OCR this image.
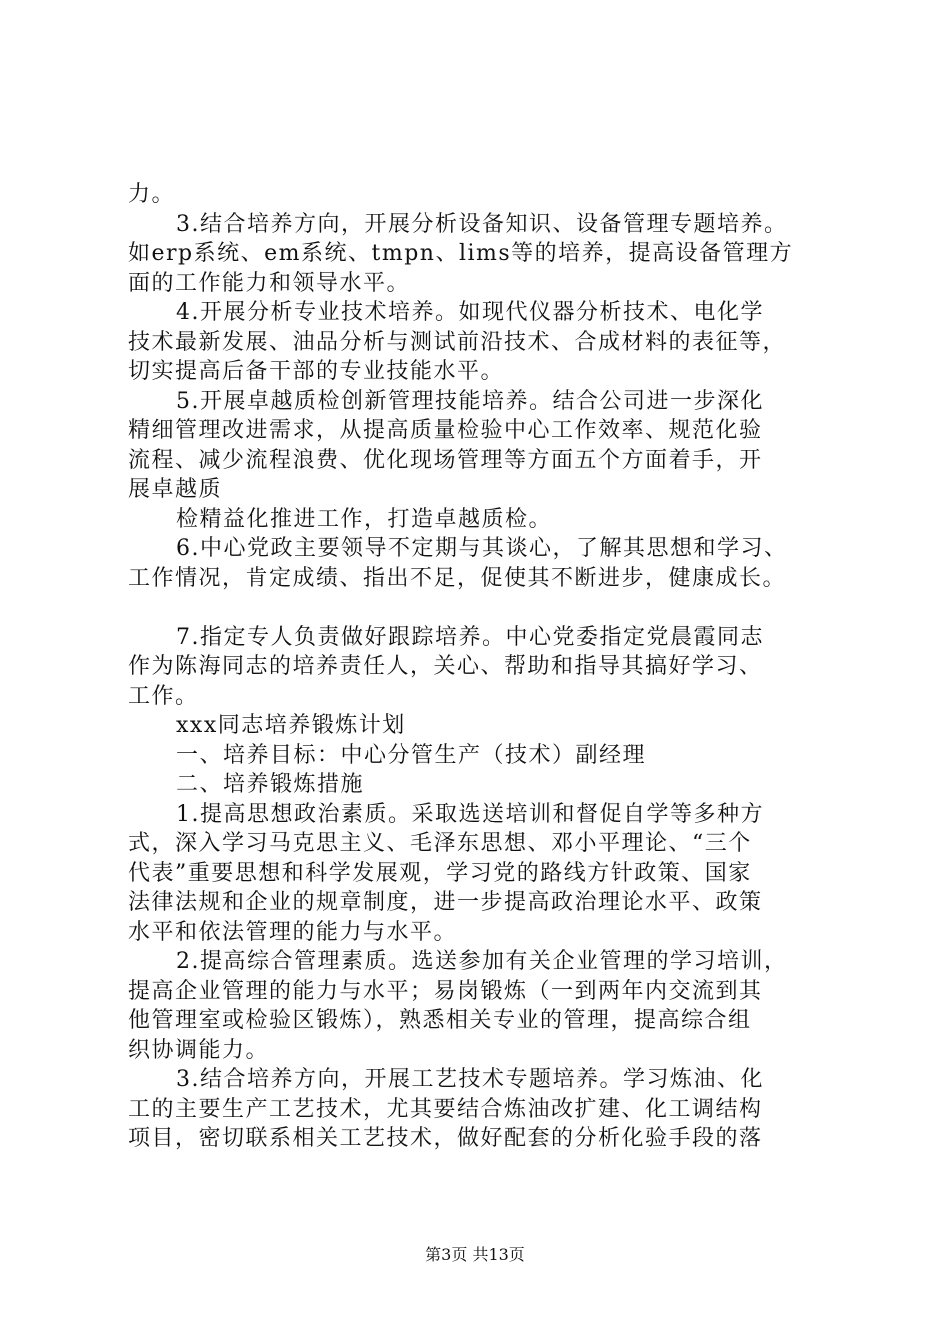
力。

3.结合培养方向，开展分析设备知识、设备管理专题培养。

如erp系统、em系统、tmpn、lims等的培养，提高设备管理方

面的工作能力和领导水平。

4.开展分析专业技术培养。如现代仪器分析技术、电化学

技术最新发展、油品分析与测试前沿技术、合成材料的表征等，

切实提高后备干部的专业技能水平。

5.开展卓越质检创新管理技能培养。结合公司进一步深化

精细管理改进需求，从提高质量检验中心工作效率、规范化验

流程、减少流程浪费、优化现场管理等方面五个方面着手，开

展卓越质

检精益化推进工作，打造卓越质检。

6.中心党政主要领导不定期与其谈心，了解其思想和学习、

工作情况，肯定成绩、指出不足，促使其不断进步，健康成长。

7.指定专人负责做好跟踪培养。中心党委指定党晨霞同志

作为陈海同志的培养责任人，关心、帮助和指导其搞好学习、

工作。

xxx同志培养锻炼计划

一、培养目标：中心分管生产（技术）副经理

二、培养锻炼措施

1.提高思想政治素质。采取选送培训和督促自学等多种方

式，深入学习马克思主义、毛泽东思想、邓小平理论、“三个

代表”重要思想和科学发展观，学习党的路线方针政策、国家

法律法规和企业的规章制度，进一步提高政治理论水平、政策

水平和依法管理的能力与水平。

2.提高综合管理素质。选送参加有关企业管理的学习培训，

提高企业管理的能力与水平；易岗锻炼（一到两年内交流到其

他管理室或检验区锻炼），熟悉相关专业的管理，提高综合组

织协调能力。

3.结合培养方向，开展工艺技术专题培养。学习炼油、化

工的主要生产工艺技术，尤其要结合炼油改扩建、化工调结构

项目，密切联系相关工艺技术，做好配套的分析化验手段的落

第3页 共13页
